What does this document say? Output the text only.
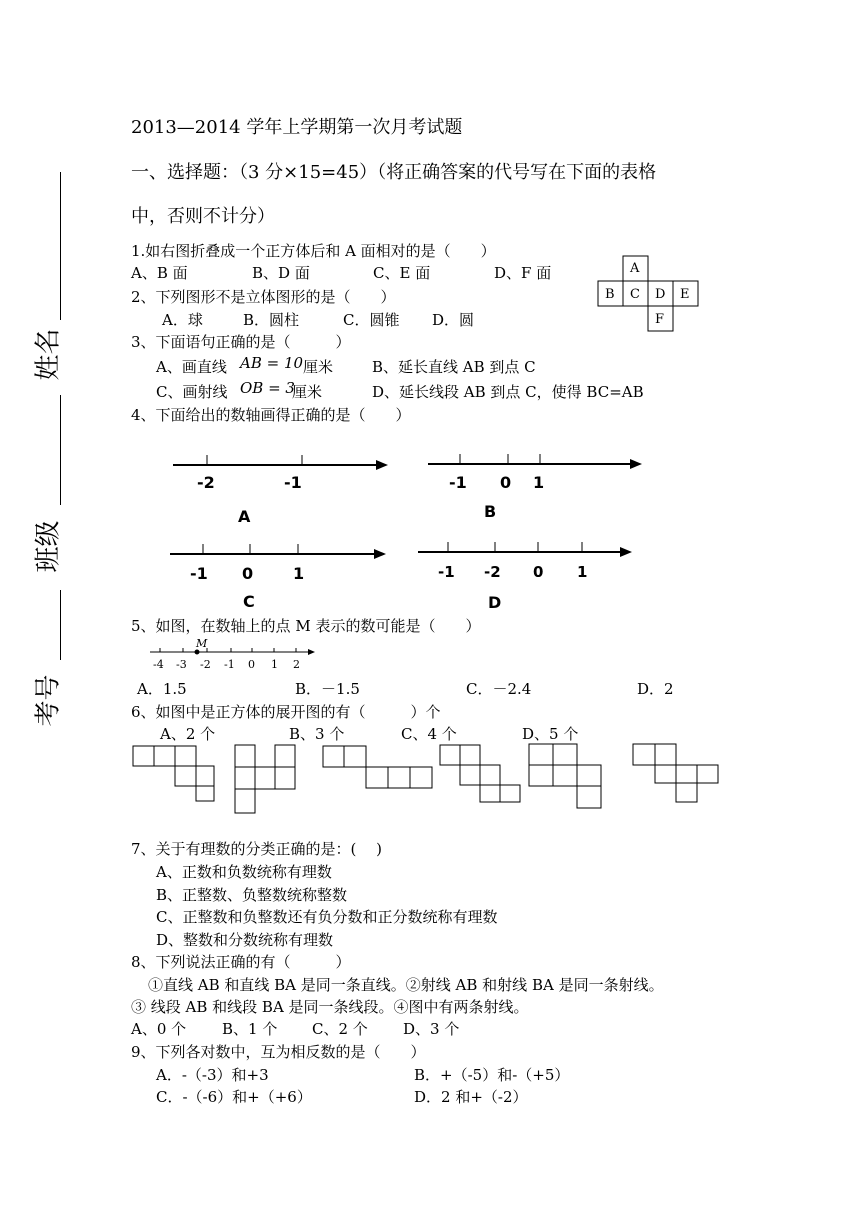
姓名
班级
考号
2013—2014 学年上学期第一次月考试题
一、选择题：（3 分×15=45）（将正确答案的代号写在下面的表格
中，否则不计分）
1.如右图折叠成一个正方体后和 A 面相对的是（　　）
A、B 面	B、D 面	C、E 面	D、F 面	A
B C D E
F
2、下列图形不是立体图形的是（　　）
A．球	B．圆柱	C．圆锥 D．圆
3、下面语句正确的是（　　　）
A、画直线 AB = 10 厘米	B、延长直线 AB 到点 C
C、画射线 OB = 3
厘米	D、延长线段 AB 到点 C，使得 BC=AB
4、下面给出的数轴画得正确的是（　　）
-2	-1	-1 0 1
-1 0 1	-1 -2 0 1
A	B
C	D
5、如图，在数轴上的点 M 表示的数可能是（　　）
M
-4 -3 -2 -1 0 1 2
A．1.5	B．－1.5	C．－2.4	D．2
6、如图中是正方体的展开图的有（　　　）个
A、2 个	B、3 个	C、4 个	D、5 个
7、关于有理数的分类正确的是：(　 )
A、正数和负数统称有理数
B、正整数、负整数统称整数
C、正整数和负整数还有负分数和正分数统称有理数
D、整数和分数统称有理数
8、下列说法正确的有（　　　）
①直线 AB 和直线 BA 是同一条直线。②射线 AB 和射线 BA 是同一条射线。
③ 线段 AB 和线段 BA 是同一条线段。④图中有两条射线。
A、0 个 B、1 个 C、2 个 D、3 个
9、下列各对数中，互为相反数的是（　　）
A．-（-3）和+3	B．+（-5）和-（+5）
C．-（-6）和+（+6）	D．2 和+（-2）
